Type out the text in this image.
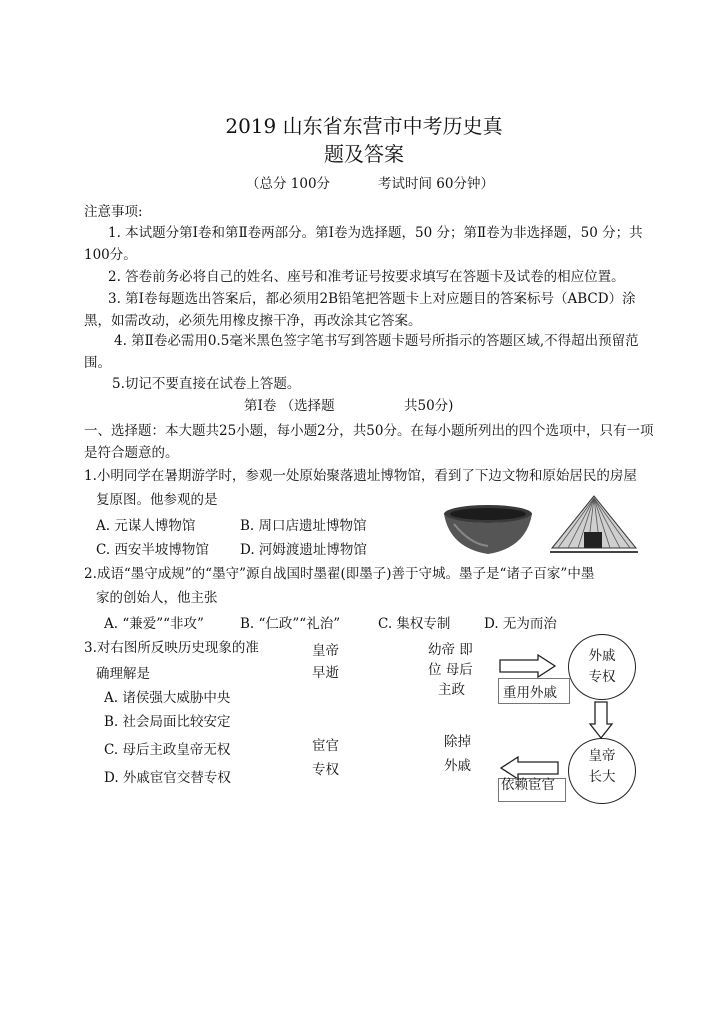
2019 山东省东营市中考历史真
题及答案
（总分 100分	考试时间 60分钟）
注意事项:
1. 本试题分第Ⅰ卷和第Ⅱ卷两部分。第Ⅰ卷为选择题，50 分；第Ⅱ卷为非选择题，50 分；共100分。
2. 答卷前务必将自己的姓名、座号和准考证号按要求填写在答题卡及试卷的相应位置。
3. 第Ⅰ卷每题选出答案后，都必须用2B铅笔把答题卡上对应题目的答案标号（ABCD）涂黑，如需改动，必须先用橡皮擦干净，再改涂其它答案。
4. 第Ⅱ卷必需用0.5毫米黑色签字笔书写到答题卡题号所指示的答题区域,不得超出预留范围。
5.切记不要直接在试卷上答题。
第Ⅰ卷 （选择题	共50分)
一、选择题：本大题共25小题，每小题2分，共50分。在每小题所列出的四个选项中，只有一项是符合题意的。
1.小明同学在暑期游学时，参观一处原始聚落遗址博物馆，看到了下边文物和原始居民的房屋
复原图。他参观的是
A. 元谋人博物馆	B. 周口店遗址博物馆
C. 西安半坡博物馆 D. 河姆渡遗址博物馆
2.成语“墨守成规”的“墨守”源自战国时墨翟(即墨子)善于守城。墨子是“诸子百家”中墨
家的创始人，他主张
A. “兼爱”“非攻”	B. “仁政”“礼治”	C. 集权专制 D. 无为而治
3.对右图所反映历史现象的准
确理解是
A. 诸侯强大威胁中央
B. 社会局面比较安定
C. 母后主政皇帝无权
D. 外戚宦官交替专权
皇帝
早逝
幼帝 即
位 母后
主政	重用外戚
外戚
专权
皇帝
长大
除掉
外戚
依赖宦官
宦官
专权
